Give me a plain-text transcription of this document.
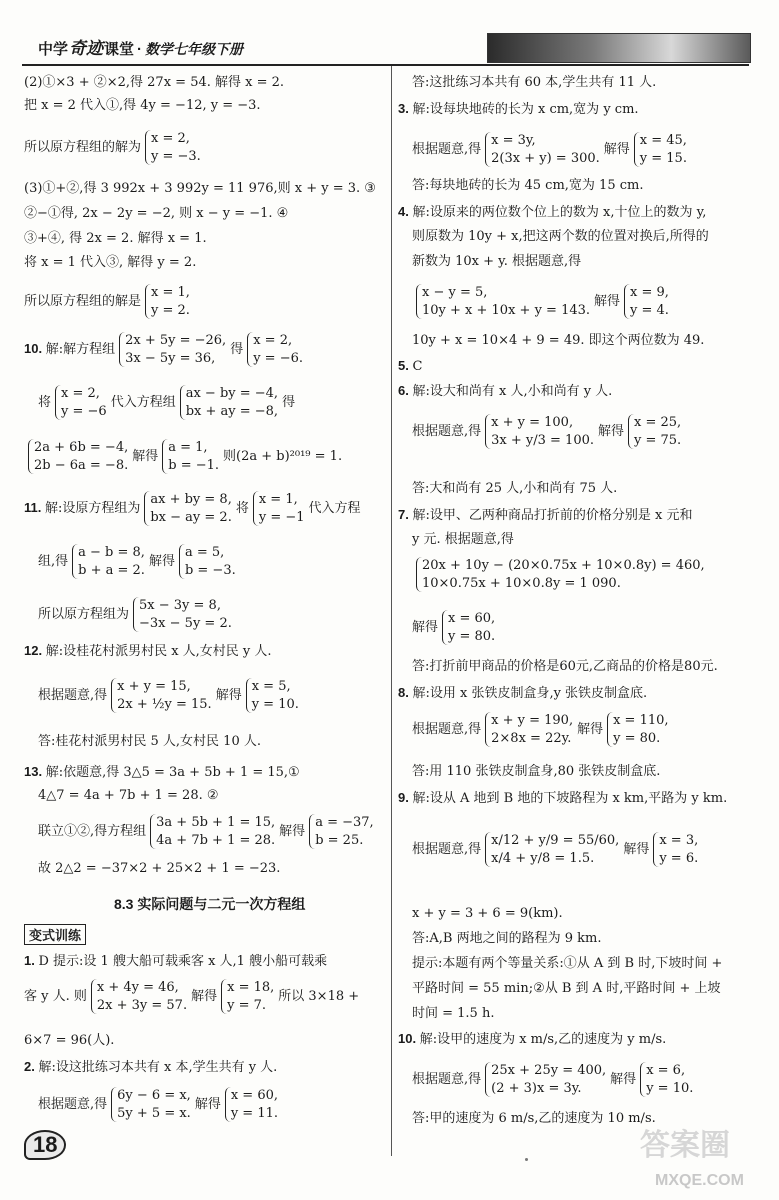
中学奇迹课堂 · 数学七年级下册
8.3 实际问题与二元一次方程组
变式训练
(2)①×3 + ②×2,得 27x = 54. 解得 x = 2.
把 x = 2 代入①,得 4y = −12, y = −3.
所以原方程组的解为
x = 2,
y = −3.
(3)①+②,得 3 992x + 3 992y = 11 976,则 x + y = 3. ③
②−①得, 2x − 2y = −2, 则 x − y = −1. ④
③+④, 得 2x = 2. 解得 x = 1.
将 x = 1 代入③, 解得 y = 2.
所以原方程组的解是
x = 1,
y = 2.
10. 解:解方程组
2x + 5y = −26,
3x − 5y = 36,
得
x = 2,
y = −6.
将
x = 2,
y = −6
代入方程组
ax − by = −4,
bx + ay = −8,
得
2a + 6b = −4,
2b − 6a = −8.
解得
a = 1,
b = −1.
则(2a + b)²⁰¹⁹ = 1.
11. 解:设原方程组为
ax + by = 8,
bx − ay = 2.
将
x = 1,
y = −1
代入方程
组,得
a − b = 8,
b + a = 2.
解得
a = 5,
b = −3.
所以原方程组为
5x − 3y = 8,
−3x − 5y = 2.
12. 解:设桂花村派男村民 x 人,女村民 y 人.
根据题意,得
x + y = 15,
2x + ½y = 15.
解得
x = 5,
y = 10.
答:桂花村派男村民 5 人,女村民 10 人.
13. 解:依题意,得 3△5 = 3a + 5b + 1 = 15,①
4△7 = 4a + 7b + 1 = 28. ②
联立①②,得方程组
3a + 5b + 1 = 15,
4a + 7b + 1 = 28.
解得
a = −37,
b = 25.
故 2△2 = −37×2 + 25×2 + 1 = −23.
1. D 提示:设 1 艘大船可载乘客 x 人,1 艘小船可载乘
客 y 人. 则
x + 4y = 46,
2x + 3y = 57.
解得
x = 18,
y = 7.
所以 3×18 +
6×7 = 96(人).
2. 解:设这批练习本共有 x 本,学生共有 y 人.
根据题意,得
6y − 6 = x,
5y + 5 = x.
解得
x = 60,
y = 11.
答:这批练习本共有 60 本,学生共有 11 人.
3. 解:设每块地砖的长为 x cm,宽为 y cm.
根据题意,得
x = 3y,
2(3x + y) = 300.
解得
x = 45,
y = 15.
答:每块地砖的长为 45 cm,宽为 15 cm.
4. 解:设原来的两位数个位上的数为 x,十位上的数为 y,
则原数为 10y + x,把这两个数的位置对换后,所得的
新数为 10x + y. 根据题意,得
x − y = 5,
10y + x + 10x + y = 143.
解得
x = 9,
y = 4.
10y + x = 10×4 + 9 = 49. 即这个两位数为 49.
5. C
6. 解:设大和尚有 x 人,小和尚有 y 人.
根据题意,得
x + y = 100,
3x + y/3 = 100.
解得
x = 25,
y = 75.
答:大和尚有 25 人,小和尚有 75 人.
7. 解:设甲、乙两种商品打折前的价格分别是 x 元和
y 元. 根据题意,得
20x + 10y − (20×0.75x + 10×0.8y) = 460,
10×0.75x + 10×0.8y = 1 090.
解得
x = 60,
y = 80.
答:打折前甲商品的价格是60元,乙商品的价格是80元.
8. 解:设用 x 张铁皮制盒身,y 张铁皮制盒底.
根据题意,得
x + y = 190,
2×8x = 22y.
解得
x = 110,
y = 80.
答:用 110 张铁皮制盒身,80 张铁皮制盒底.
9. 解:设从 A 地到 B 地的下坡路程为 x km,平路为 y km.
根据题意,得
x/12 + y/9 = 55/60,
x/4 + y/8 = 1.5.
解得
x = 3,
y = 6.
x + y = 3 + 6 = 9(km).
答:A,B 两地之间的路程为 9 km.
提示:本题有两个等量关系:①从 A 到 B 时,下坡时间 +
平路时间 = 55 min;②从 B 到 A 时,平路时间 + 上坡
时间 = 1.5 h.
10. 解:设甲的速度为 x m/s,乙的速度为 y m/s.
根据题意,得
25x + 25y = 400,
(2 + 3)x = 3y.
解得
x = 6,
y = 10.
答:甲的速度为 6 m/s,乙的速度为 10 m/s.
18	答案圈
MXQE.COM
